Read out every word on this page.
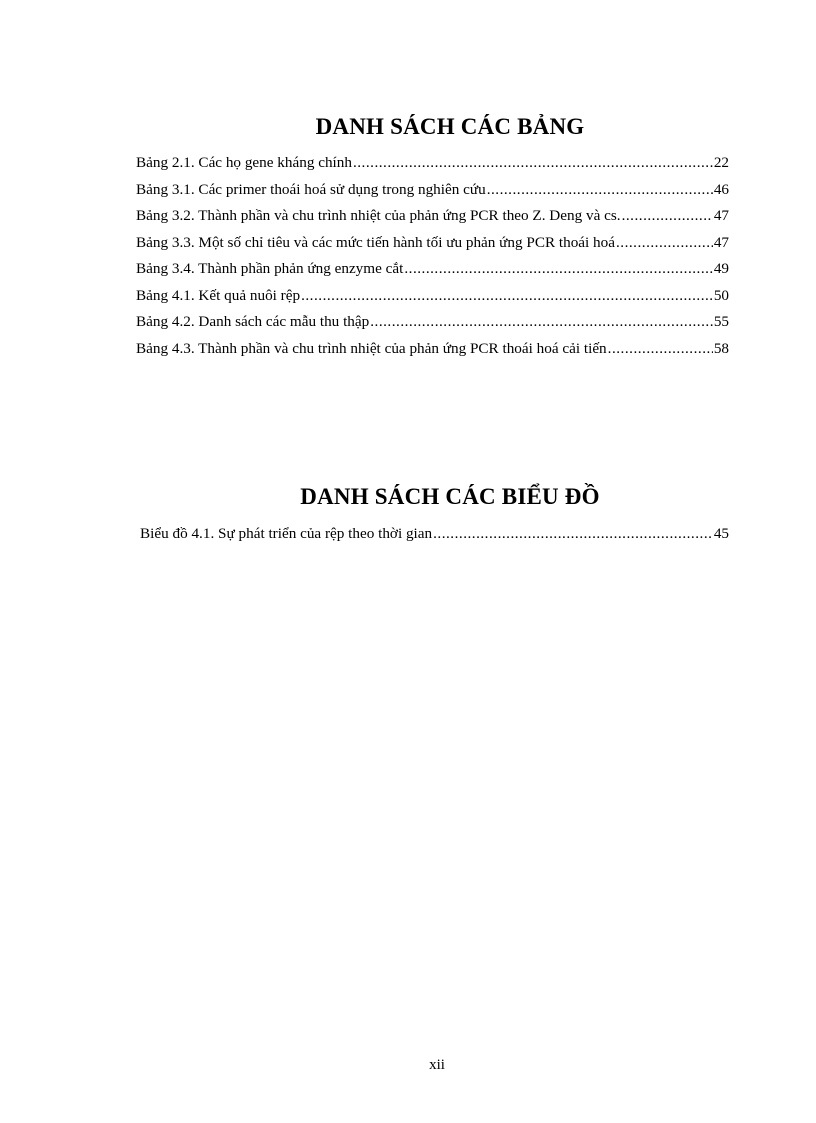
DANH SÁCH CÁC BẢNG
Bảng 2.1. Các họ gene kháng chính .....	22
Bảng 3.1. Các primer thoái hoá sử dụng trong nghiên cứu .....	46
Bảng 3.2. Thành phần và chu trình nhiệt của phản ứng PCR theo Z. Deng và cs. .....	47
Bảng 3.3. Một số chỉ tiêu và các mức tiến hành tối ưu phản ứng PCR thoái hoá .....	47
Bảng 3.4. Thành phần phản ứng enzyme cắt .....	49
Bảng 4.1. Kết quả nuôi rệp .....	50
Bảng 4.2. Danh sách các mẫu thu thập .....	55
Bảng 4.3. Thành phần và chu trình nhiệt của phản ứng PCR thoái hoá cải tiến .....	58
DANH SÁCH CÁC BIỂU ĐỒ
Biểu đồ 4.1. Sự phát triển của rệp theo thời gian .....	45
xii
